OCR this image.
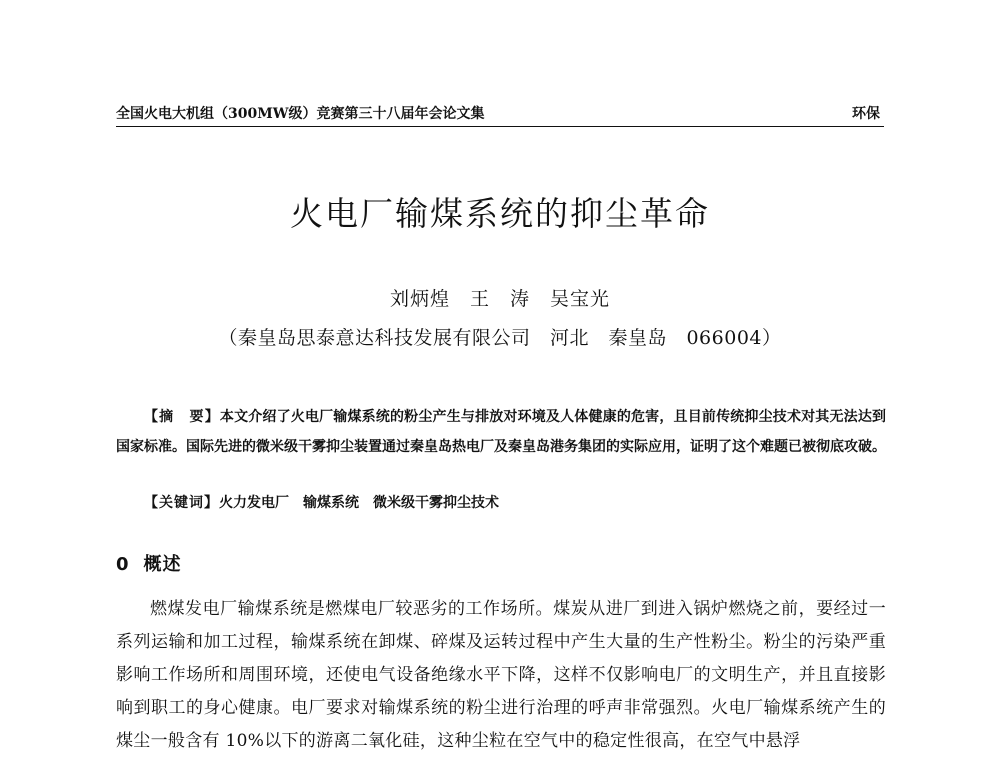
全国火电大机组（300MW级）竞赛第三十八届年会论文集	环保
火电厂输煤系统的抑尘革命
刘炳煌　王　涛　吴宝光
（秦皇岛思泰意达科技发展有限公司　河北　秦皇岛　066004）
【摘　要】本文介绍了火电厂输煤系统的粉尘产生与排放对环境及人体健康的危害，且目前传统抑尘技术对其无法达到国家标准。国际先进的微米级干雾抑尘装置通过秦皇岛热电厂及秦皇岛港务集团的实际应用，证明了这个难题已被彻底攻破。
【关键词】火力发电厂 输煤系统 微米级干雾抑尘技术
0 概述
燃煤发电厂输煤系统是燃煤电厂较恶劣的工作场所。煤炭从进厂到进入锅炉燃烧之前，要经过一系列运输和加工过程，输煤系统在卸煤、碎煤及运转过程中产生大量的生产性粉尘。粉尘的污染严重影响工作场所和周围环境，还使电气设备绝缘水平下降，这样不仅影响电厂的文明生产，并且直接影响到职工的身心健康。电厂要求对输煤系统的粉尘进行治理的呼声非常强烈。火电厂输煤系统产生的煤尘一般含有 10%以下的游离二氧化硅，这种尘粒在空气中的稳定性很高，在空气中悬浮
